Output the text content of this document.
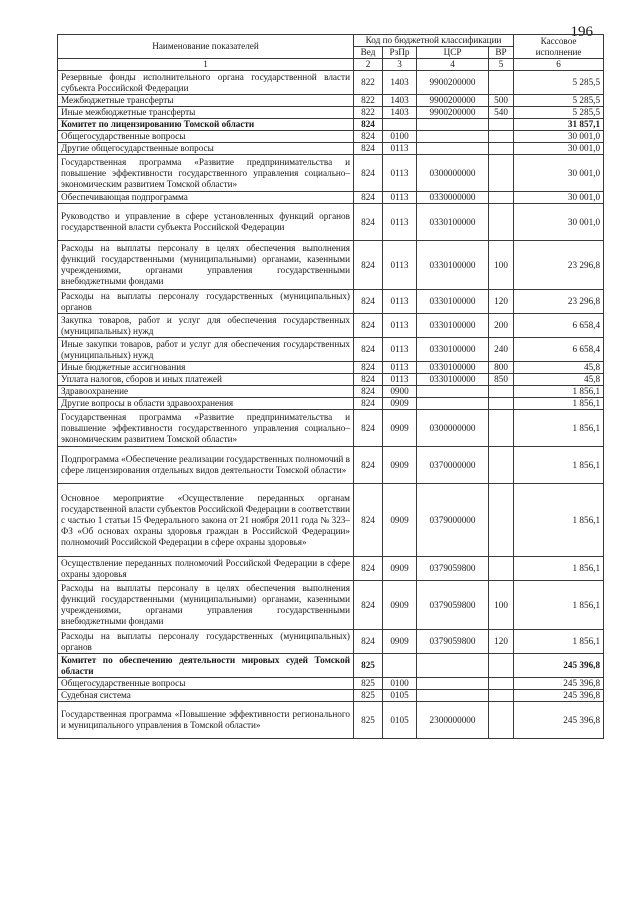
196
Наименование показателей	Код по бюджетной классификации				Кассовое исполнение
	Вед	РзПр	ЦСР	ВР	
1	2	3	4	5	6
Резервные фонды исполнительного органа государственной власти субъекта Российской Федерации	822	1403	9900200000		5 285,5
Межбюджетные трансферты	822	1403	9900200000	500	5 285,5
Иные межбюджетные трансферты	822	1403	9900200000	540	5 285,5
Комитет по лицензированию Томской области	824				31 857,1
Общегосударственные вопросы	824	0100			30 001,0
Другие общегосударственные вопросы	824	0113			30 001,0
Государственная программа «Развитие предпринимательства и повышение эффективности государственного управления социально–экономическим развитием Томской области»	824	0113	0300000000		30 001,0
Обеспечивающая подпрограмма	824	0113	0330000000		30 001,0
Руководство и управление в сфере установленных функций органов государственной власти субъекта Российской Федерации	824	0113	0330100000		30 001,0
Расходы на выплаты персоналу в целях обеспечения выполнения функций государственными (муниципальными) органами, казенными учреждениями, органами управления государственными внебюджетными фондами	824	0113	0330100000	100	23 296,8
Расходы на выплаты персоналу государственных (муниципальных) органов	824	0113	0330100000	120	23 296,8
Закупка товаров, работ и услуг для обеспечения государственных (муниципальных) нужд	824	0113	0330100000	200	6 658,4
Иные закупки товаров, работ и услуг для обеспечения государственных (муниципальных) нужд	824	0113	0330100000	240	6 658,4
Иные бюджетные ассигнования	824	0113	0330100000	800	45,8
Уплата налогов, сборов и иных платежей	824	0113	0330100000	850	45,8
Здравоохранение	824	0900			1 856,1
Другие вопросы в области здравоохранения	824	0909			1 856,1
Государственная программа «Развитие предпринимательства и повышение эффективности государственного управления социально–экономическим развитием Томской области»	824	0909	0300000000		1 856,1
Подпрограмма «Обеспечение реализации государственных полномочий в сфере лицензирования отдельных видов деятельности Томской области»	824	0909	0370000000		1 856,1
Основное мероприятие «Осуществление переданных органам государственной власти субъектов Российской Федерации в соответствии с частью 1 статьи 15 Федерального закона от 21 ноября 2011 года № 323–ФЗ «Об основах охраны здоровья граждан в Российской Федерации» полномочий Российской Федерации в сфере охраны здоровья»	824	0909	0379000000		1 856,1
Осуществление переданных полномочий Российской Федерации в сфере охраны здоровья	824	0909	0379059800		1 856,1
Расходы на выплаты персоналу в целях обеспечения выполнения функций государственными (муниципальными) органами, казенными учреждениями, органами управления государственными внебюджетными фондами	824	0909	0379059800	100	1 856,1
Расходы на выплаты персоналу государственных (муниципальных) органов	824	0909	0379059800	120	1 856,1
Комитет по обеспечению деятельности мировых судей Томской области	825				245 396,8
Общегосударственные вопросы	825	0100			245 396,8
Судебная система	825	0105			245 396,8
Государственная программа «Повышение эффективности регионального и муниципального управления в Томской области»	825	0105	2300000000		245 396,8
